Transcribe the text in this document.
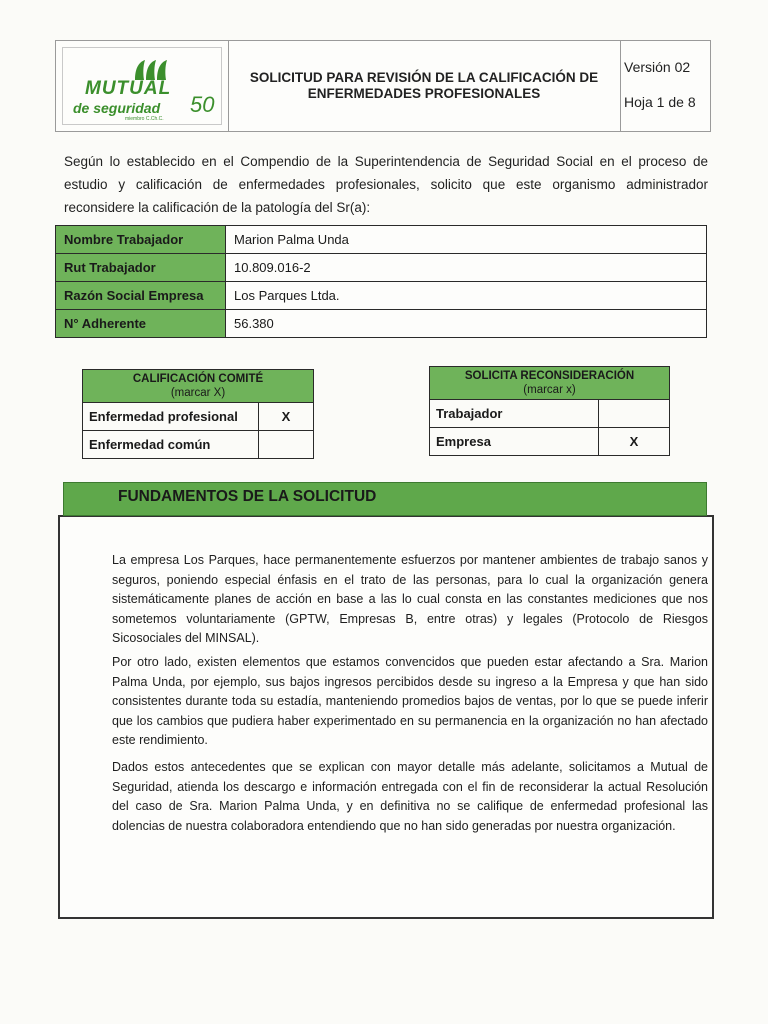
MUTUAL
de seguridad 50
miembro C.Ch.C.
SOLICITUD PARA REVISIÓN DE LA CALIFICACIÓN DE
ENFERMEDADES PROFESIONALES
Versión 02
Hoja 1 de 8
Según lo establecido en el Compendio de la Superintendencia de Seguridad Social en el proceso de estudio y calificación de enfermedades profesionales, solicito que este organismo administrador reconsidere la calificación de la patología del Sr(a):
Nombre Trabajador	Marion Palma Unda
Rut Trabajador	10.809.016-2
Razón Social Empresa	Los Parques Ltda.
N° Adherente	56.380
CALIFICACIÓN COMITÉ
(marcar X)	
Enfermedad profesional	X
Enfermedad común	
SOLICITA RECONSIDERACIÓN
(marcar x)	
Trabajador	
Empresa	X
La empresa Los Parques, hace permanentemente esfuerzos por mantener ambientes de trabajo sanos y seguros, poniendo especial énfasis en el trato de las personas, para lo cual la organización genera sistemáticamente planes de acción en base a las lo cual consta en las constantes mediciones que nos sometemos voluntariamente (GPTW, Empresas B, entre otras) y legales (Protocolo de Riesgos Sicosociales del MINSAL).
Por otro lado, existen elementos que estamos convencidos que pueden estar afectando a Sra. Marion Palma Unda, por ejemplo, sus bajos ingresos percibidos desde su ingreso a la Empresa y que han sido consistentes durante toda su estadía, manteniendo promedios bajos de ventas, por lo que se puede inferir que los cambios que pudiera haber experimentado en su permanencia en la organización no han afectado este rendimiento.
Dados estos antecedentes que se explican con mayor detalle más adelante, solicitamos a Mutual de Seguridad, atienda los descargo e información entregada con el fin de reconsiderar la actual Resolución del caso de Sra. Marion Palma Unda, y en definitiva no se califique de enfermedad profesional las dolencias de nuestra colaboradora entendiendo que no han sido generadas por nuestra organización.
FUNDAMENTOS DE LA SOLICITUD
